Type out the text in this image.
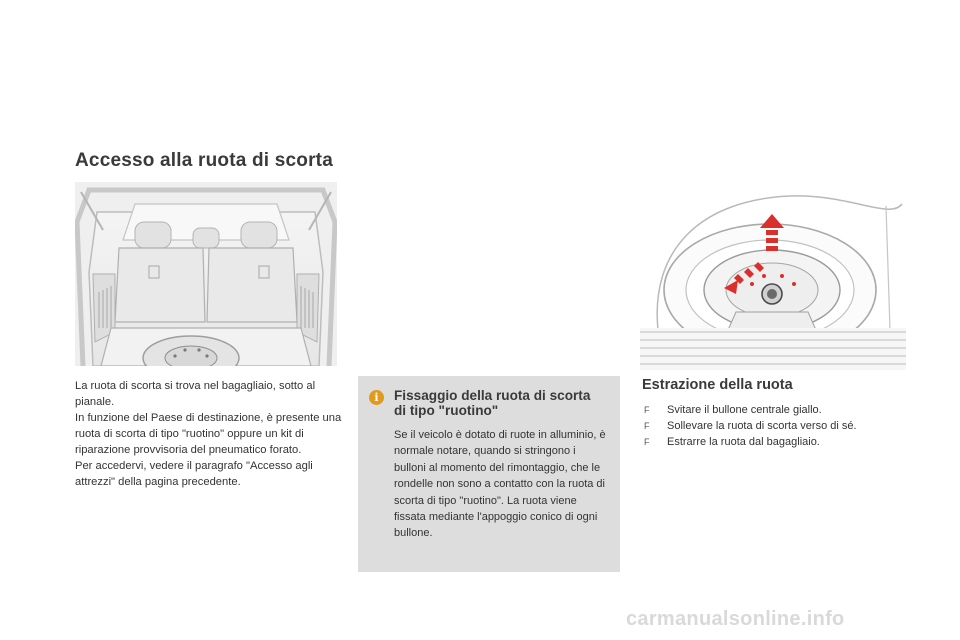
Accesso alla ruota di scorta

La ruota di scorta si trova nel bagagliaio, sotto al pianale.

In funzione del Paese di destinazione, è presente una ruota di scorta di tipo "ruotino" oppure un kit di riparazione provvisoria del pneumatico forato.

Per accedervi, vedere il paragrafo "Accesso agli attrezzi" della pagina precedente.

i	Fissaggio della ruota di scorta di tipo "ruotino"

Se il veicolo è dotato di ruote in alluminio, è normale notare, quando si stringono i bulloni al momento del rimontaggio, che le rondelle non sono a contatto con la ruota di scorta di tipo "ruotino". La ruota viene fissata mediante l'appoggio conico di ogni bullone.

Estrazione della ruota
F	Svitare il bullone centrale giallo.
F	Sollevare la ruota di scorta verso di sé.
F	Estrarre la ruota dal bagagliaio.
carmanualsonline.info
